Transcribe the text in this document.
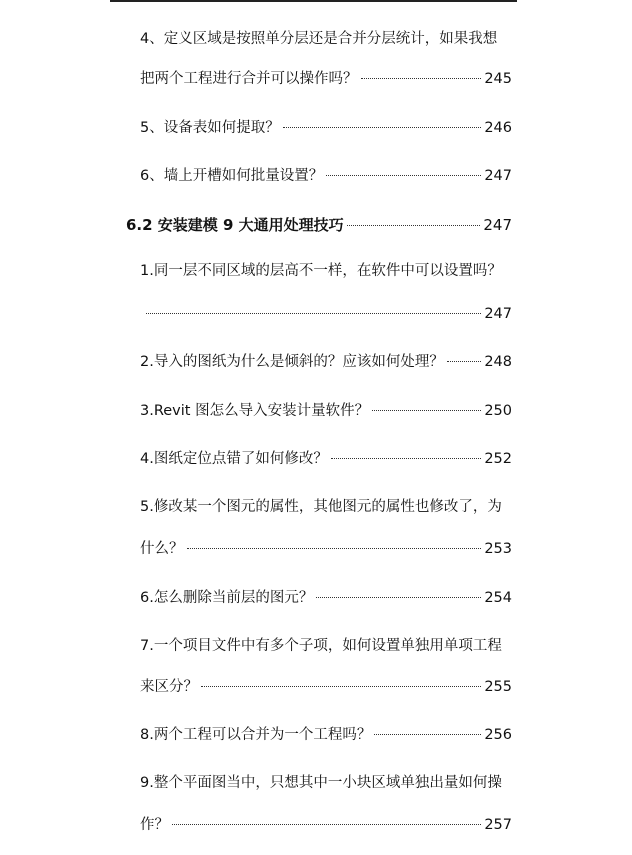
4、定义区域是按照单分层还是合并分层统计，如果我想
把两个工程进行合并可以操作吗？	245
5、设备表如何提取？	246
6、墙上开槽如何批量设置？	247
6.2 安装建模 9 大通用处理技巧	247
1.同一层不同区域的层高不一样，在软件中可以设置吗？
247
2.导入的图纸为什么是倾斜的？应该如何处理？	248
3.Revit 图怎么导入安装计量软件？	250
4.图纸定位点错了如何修改？	252
5.修改某一个图元的属性，其他图元的属性也修改了，为
什么？	253
6.怎么删除当前层的图元？	254
7.一个项目文件中有多个子项，如何设置单独用单项工程
来区分？	255
8.两个工程可以合并为一个工程吗？	256
9.整个平面图当中，只想其中一小块区域单独出量如何操
作？	257
